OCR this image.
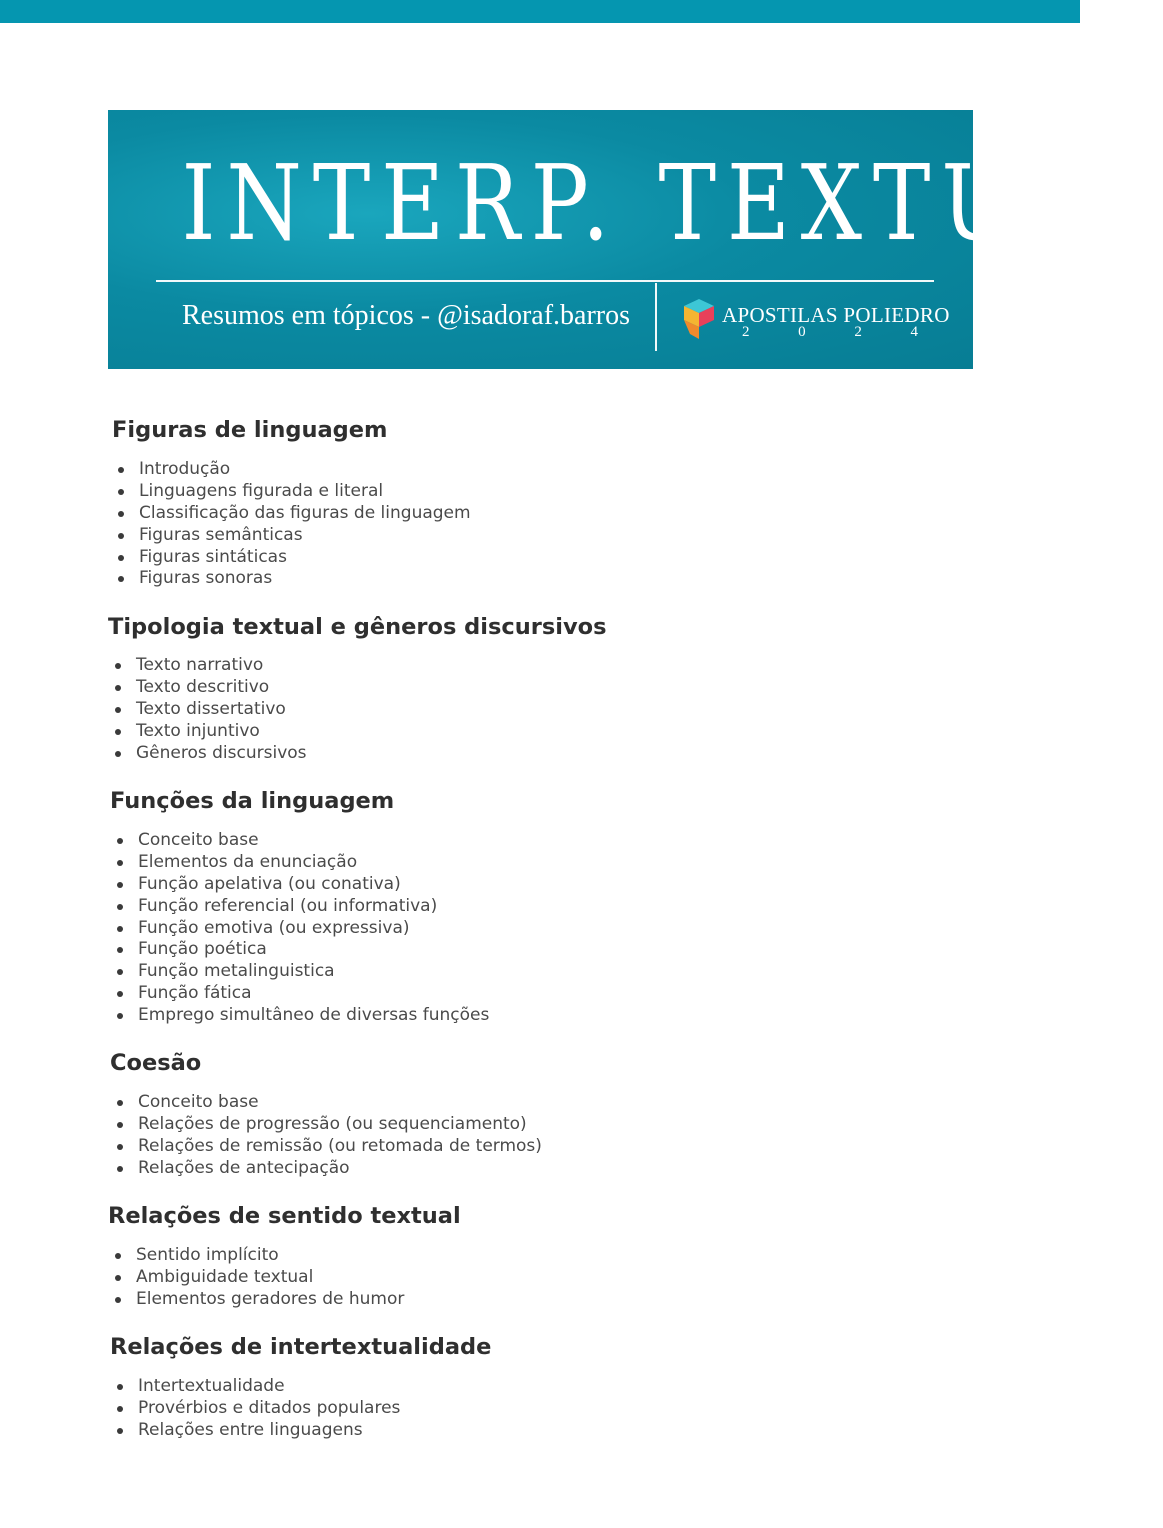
INTERP. TEXTUAL
Resumos em tópicos - @isadoraf.barros	APOSTILAS POLIEDRO
2	0	2	4
Figuras de linguagem
Introdução
Linguagens figurada e literal
Classificação das figuras de linguagem
Figuras semânticas
Figuras sintáticas
Figuras sonoras
Tipologia textual e gêneros discursivos
Texto narrativo
Texto descritivo
Texto dissertativo
Texto injuntivo
Gêneros discursivos
Funções da linguagem
Conceito base
Elementos da enunciação
Função apelativa (ou conativa)
Função referencial (ou informativa)
Função emotiva (ou expressiva)
Função poética
Função metalinguistica
Função fática
Emprego simultâneo de diversas funções
Coesão
Conceito base
Relações de progressão (ou sequenciamento)
Relações de remissão (ou retomada de termos)
Relações de antecipação
Relações de sentido textual
Sentido implícito
Ambiguidade textual
Elementos geradores de humor
Relações de intertextualidade
Intertextualidade
Provérbios e ditados populares
Relações entre linguagens
